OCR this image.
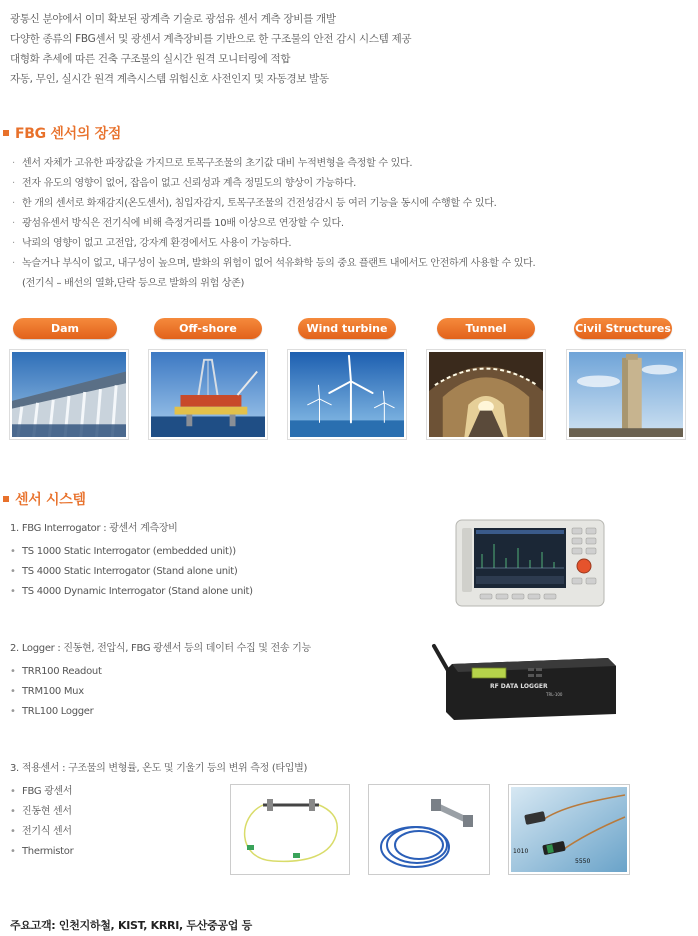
광통신 분야에서 이미 확보된 광계측 기술로 광섬유 센서 계측 장비를 개발

다양한 종류의 FBG센서 및 광센서 계측장비를 기반으로 한 구조물의 안전 감시 시스템 제공

대형화 추세에 따른 건축 구조물의 실시간 원격 모니터링에 적합

자동, 무인, 실시간 원격 계측시스템 위험신호 사전인지 및 자동경보 발동

FBG 센서의 장점
· 센서 자체가 고유한 파장값을 가지므로 토목구조물의 초기값 대비 누적변형을 측정할 수 있다.
· 전자 유도의 영향이 없어, 잡음이 없고 신뢰성과 계측 정밀도의 향상이 가능하다.
· 한 개의 센서로 화재감지(온도센서), 침입자감지, 토목구조물의 건전성감시 등 여러 기능을 동시에 수행할 수 있다.
· 광섬유센서 방식은 전기식에 비해 측정거리를 10배 이상으로 연장할 수 있다.
· 낙뢰의 영향이 없고 고전압, 강자계 환경에서도 사용이 가능하다.
· 녹슬거나 부식이 없고, 내구성이 높으며, 발화의 위험이 없어 석유화학 등의 중요 플랜트 내에서도 안전하게 사용할 수 있다.
(전기식 – 배선의 열화,단락 등으로 발화의 위험 상존)
Dam	Off-shore	Wind turbine	Tunnel	Civil Structures
센서 시스템
1. FBG Interrogator : 광센서 계측장비
• TS 1000 Static Interrogator (embedded unit))
• TS 4000 Static Interrogator (Stand alone unit)
• TS 4000 Dynamic Interrogator (Stand alone unit)
2. Logger : 진동현, 전압식, FBG 광센서 등의 데이터 수집 및 전송 기능
• TRR100 Readout
• TRM100 Mux
• TRL100 Logger
RF DATA LOGGER
TRL-100
3. 적용센서 : 구조물의 변형률, 온도 및 기울기 등의 변위 측정 (타입별)
• FBG 광센서
• 진동현 센서
• 전기식 센서
• Thermistor	1010
5550
주요고객: 인천지하철, KIST, KRRI, 두산중공업 등
